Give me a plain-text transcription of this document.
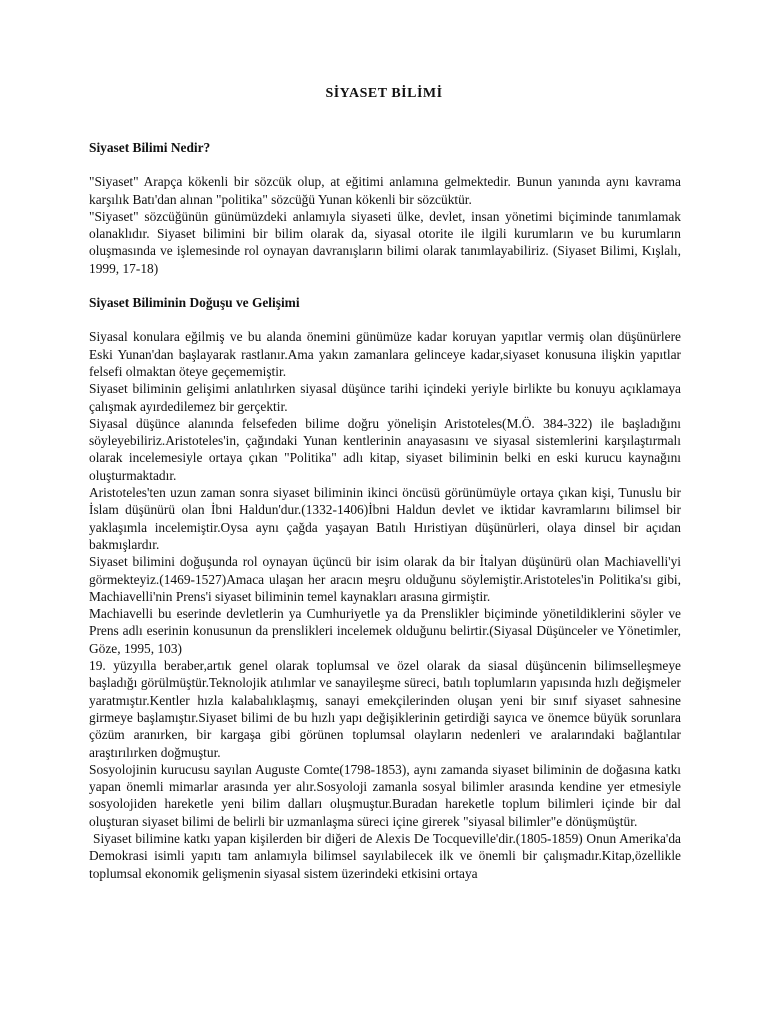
SİYASET BİLİMİ

Siyaset Bilimi Nedir?

"Siyaset" Arapça kökenli bir sözcük olup, at eğitimi anlamına gelmektedir. Bunun yanında aynı kavrama karşılık Batı'dan alınan "politika" sözcüğü Yunan kökenli bir sözcüktür.

"Siyaset" sözcüğünün günümüzdeki anlamıyla siyaseti ülke, devlet, insan yönetimi biçiminde tanımlamak olanaklıdır. Siyaset bilimini bir bilim olarak da, siyasal otorite ile ilgili kurumların ve bu kurumların oluşmasında ve işlemesinde rol oynayan davranışların bilimi olarak tanımlayabiliriz. (Siyaset Bilimi, Kışlalı, 1999, 17-18)

Siyaset Biliminin Doğuşu ve Gelişimi

Siyasal konulara eğilmiş ve bu alanda önemini günümüze kadar koruyan yapıtlar vermiş olan düşünürlere Eski Yunan'dan başlayarak rastlanır.Ama yakın zamanlara gelinceye kadar,siyaset konusuna ilişkin yapıtlar felsefi olmaktan öteye geçememiştir.

Siyaset biliminin gelişimi anlatılırken siyasal düşünce tarihi içindeki yeriyle birlikte bu konuyu açıklamaya çalışmak ayırdedilemez bir gerçektir.

Siyasal düşünce alanında felsefeden bilime doğru yönelişin Aristoteles(M.Ö. 384-322) ile başladığını söyleyebiliriz.Aristoteles'in, çağındaki Yunan kentlerinin anayasasını ve siyasal sistemlerini karşılaştırmalı olarak incelemesiyle ortaya çıkan "Politika" adlı kitap, siyaset biliminin belki en eski kurucu kaynağını oluşturmaktadır.

Aristoteles'ten uzun zaman sonra siyaset biliminin ikinci öncüsü görünümüyle ortaya çıkan kişi, Tunuslu bir İslam düşünürü olan İbni Haldun'dur.(1332-1406)İbni Haldun devlet ve iktidar kavramlarını bilimsel bir yaklaşımla incelemiştir.Oysa aynı çağda yaşayan Batılı Hıristiyan düşünürleri, olaya dinsel bir açıdan bakmışlardır.

Siyaset bilimini doğuşunda rol oynayan üçüncü bir isim olarak da bir İtalyan düşünürü olan Machiavelli'yi görmekteyiz.(1469-1527)Amaca ulaşan her aracın meşru olduğunu söylemiştir.Aristoteles'in Politika'sı gibi, Machiavelli'nin Prens'i siyaset biliminin temel kaynakları arasına girmiştir.

Machiavelli bu eserinde devletlerin ya Cumhuriyetle ya da Prenslikler biçiminde yönetildiklerini söyler ve Prens adlı eserinin konusunun da prenslikleri incelemek olduğunu belirtir.(Siyasal Düşünceler ve Yönetimler, Göze, 1995, 103)

19. yüzyılla beraber,artık genel olarak toplumsal ve özel olarak da siasal düşüncenin bilimselleşmeye başladığı görülmüştür.Teknolojik atılımlar ve sanayileşme süreci, batılı toplumların yapısında hızlı değişmeler yaratmıştır.Kentler hızla kalabalıklaşmış, sanayi emekçilerinden oluşan yeni bir sınıf siyaset sahnesine girmeye başlamıştır.Siyaset bilimi de bu hızlı yapı değişiklerinin getirdiği sayıca ve önemce büyük sorunlara çözüm aranırken, bir kargaşa gibi görünen toplumsal olayların nedenleri ve aralarındaki bağlantılar araştırılırken doğmuştur.

Sosyolojinin kurucusu sayılan Auguste Comte(1798-1853), aynı zamanda siyaset biliminin de doğasına katkı yapan önemli mimarlar arasında yer alır.Sosyoloji zamanla sosyal bilimler arasında kendine yer etmesiyle sosyolojiden hareketle yeni bilim dalları oluşmuştur.Buradan hareketle toplum bilimleri içinde bir dal oluşturan siyaset bilimi de belirli bir uzmanlaşma süreci içine girerek "siyasal bilimler"e dönüşmüştür.

Siyaset bilimine katkı yapan kişilerden bir diğeri de Alexis De Tocqueville'dir.(1805-1859) Onun Amerika'da Demokrasi isimli yapıtı tam anlamıyla bilimsel sayılabilecek ilk ve önemli bir çalışmadır.Kitap,özellikle toplumsal ekonomik gelişmenin siyasal sistem üzerindeki etkisini ortaya
